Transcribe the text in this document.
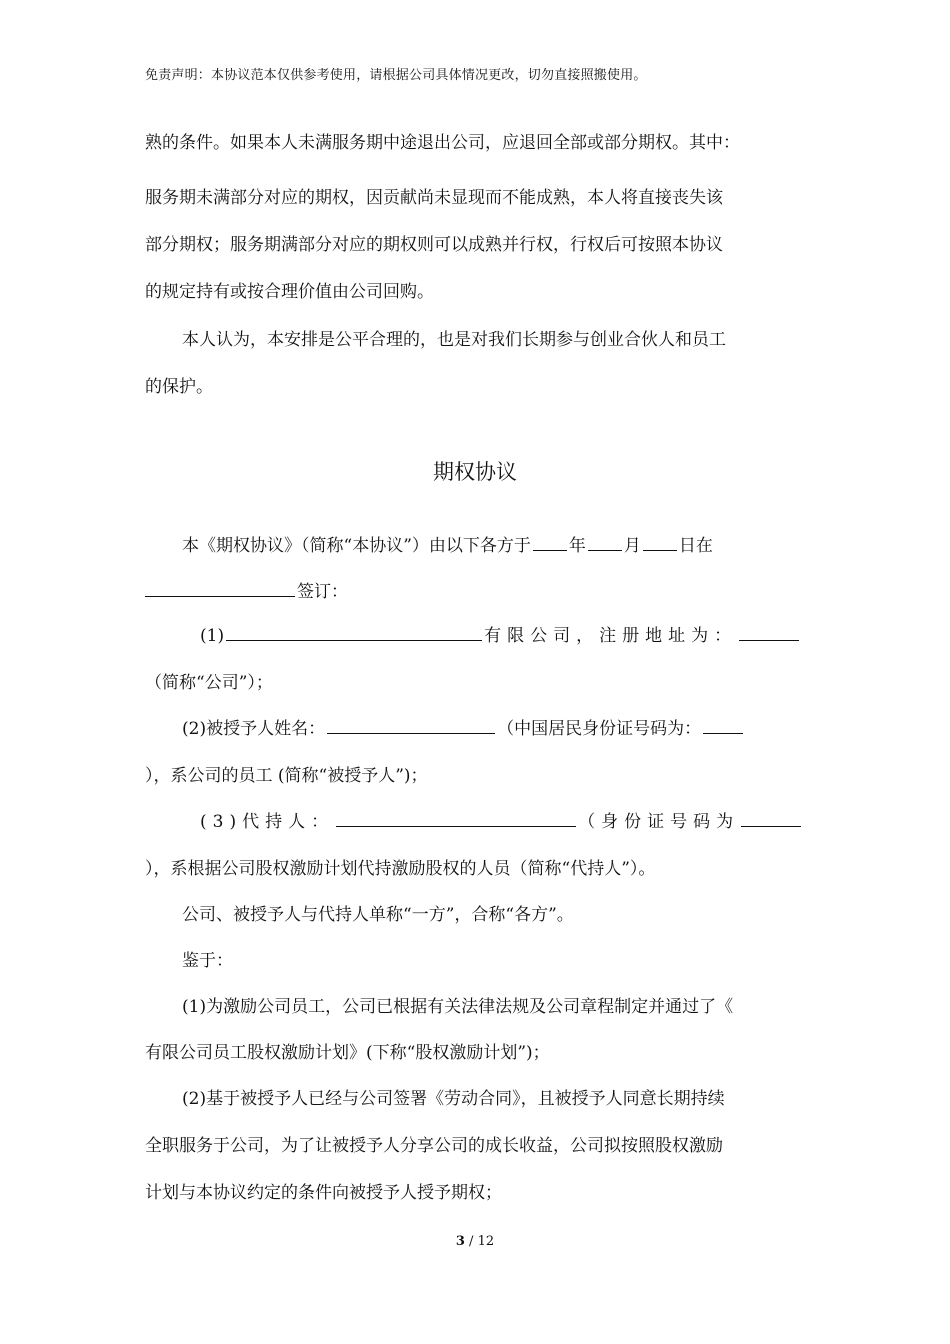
免责声明：本协议范本仅供参考使用，请根据公司具体情况更改，切勿直接照搬使用。
熟的条件。如果本人未满服务期中途退出公司，应退回全部或部分期权。其中：
服务期未满部分对应的期权，因贡献尚未显现而不能成熟，本人将直接丧失该
部分期权；服务期满部分对应的期权则可以成熟并行权，行权后可按照本协议
的规定持有或按合理价值由公司回购。
本人认为，本安排是公平合理的，也是对我们长期参与创业合伙人和员工
的保护。
期权协议
本《期权协议》（简称“本协议”）由以下各方于 年 月 日在
签订：
(1)	有限公司，注册地址为：
（简称“公司”）；
(2)被授予人姓名：	（中国居民身份证号码为：
），系公司的员工 (简称“被授予人”)；
(3)代持人：	（身份证号码为
），系根据公司股权激励计划代持激励股权的人员（简称“代持人”）。
公司、被授予人与代持人单称“一方”，合称“各方”。
鉴于：
(1)为激励公司员工，公司已根据有关法律法规及公司章程制定并通过了《
有限公司员工股权激励计划》(下称“股权激励计划”)；
(2)基于被授予人已经与公司签署《劳动合同》，且被授予人同意长期持续
全职服务于公司，为了让被授予人分享公司的成长收益，公司拟按照股权激励
计划与本协议约定的条件向被授予人授予期权；
3 / 12
